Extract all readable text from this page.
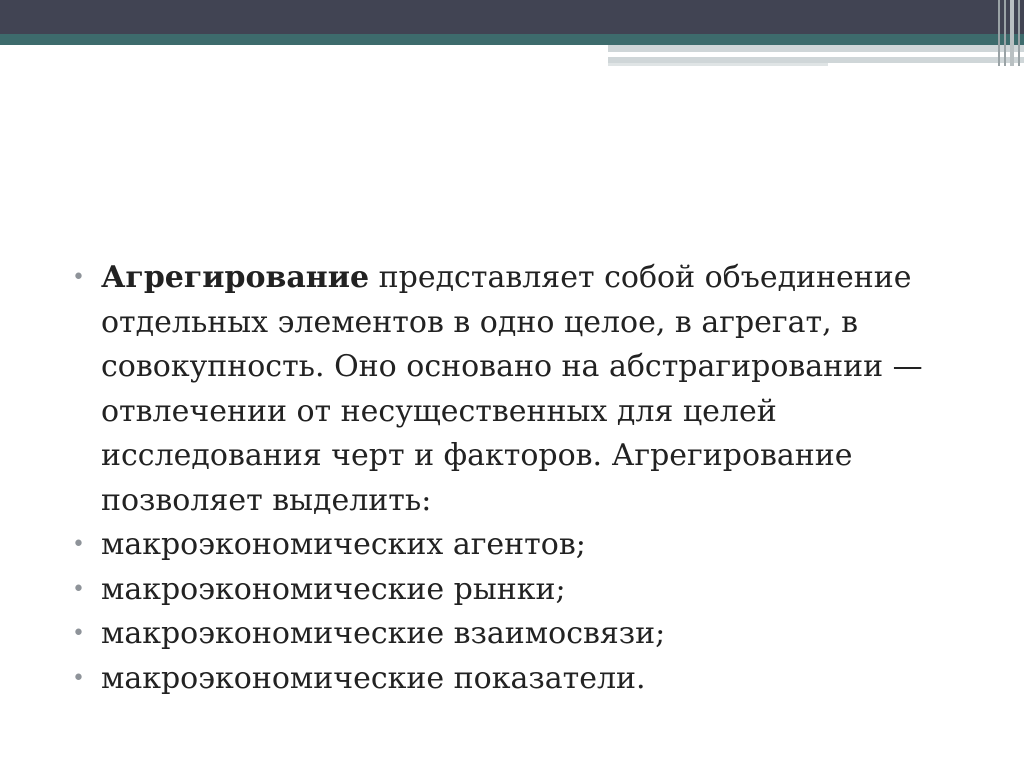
• Агрегирование представляет собой объединение отдельных элементов в одно целое, в агрегат, в совокупность. Оно основано на абстрагировании — отвлечении от несущественных для целей исследования черт и факторов. Агрегирование позволяет выделить:
• макроэкономических агентов;
• макроэкономические рынки;
• макроэкономические взаимосвязи;
• макроэкономические показатели.
